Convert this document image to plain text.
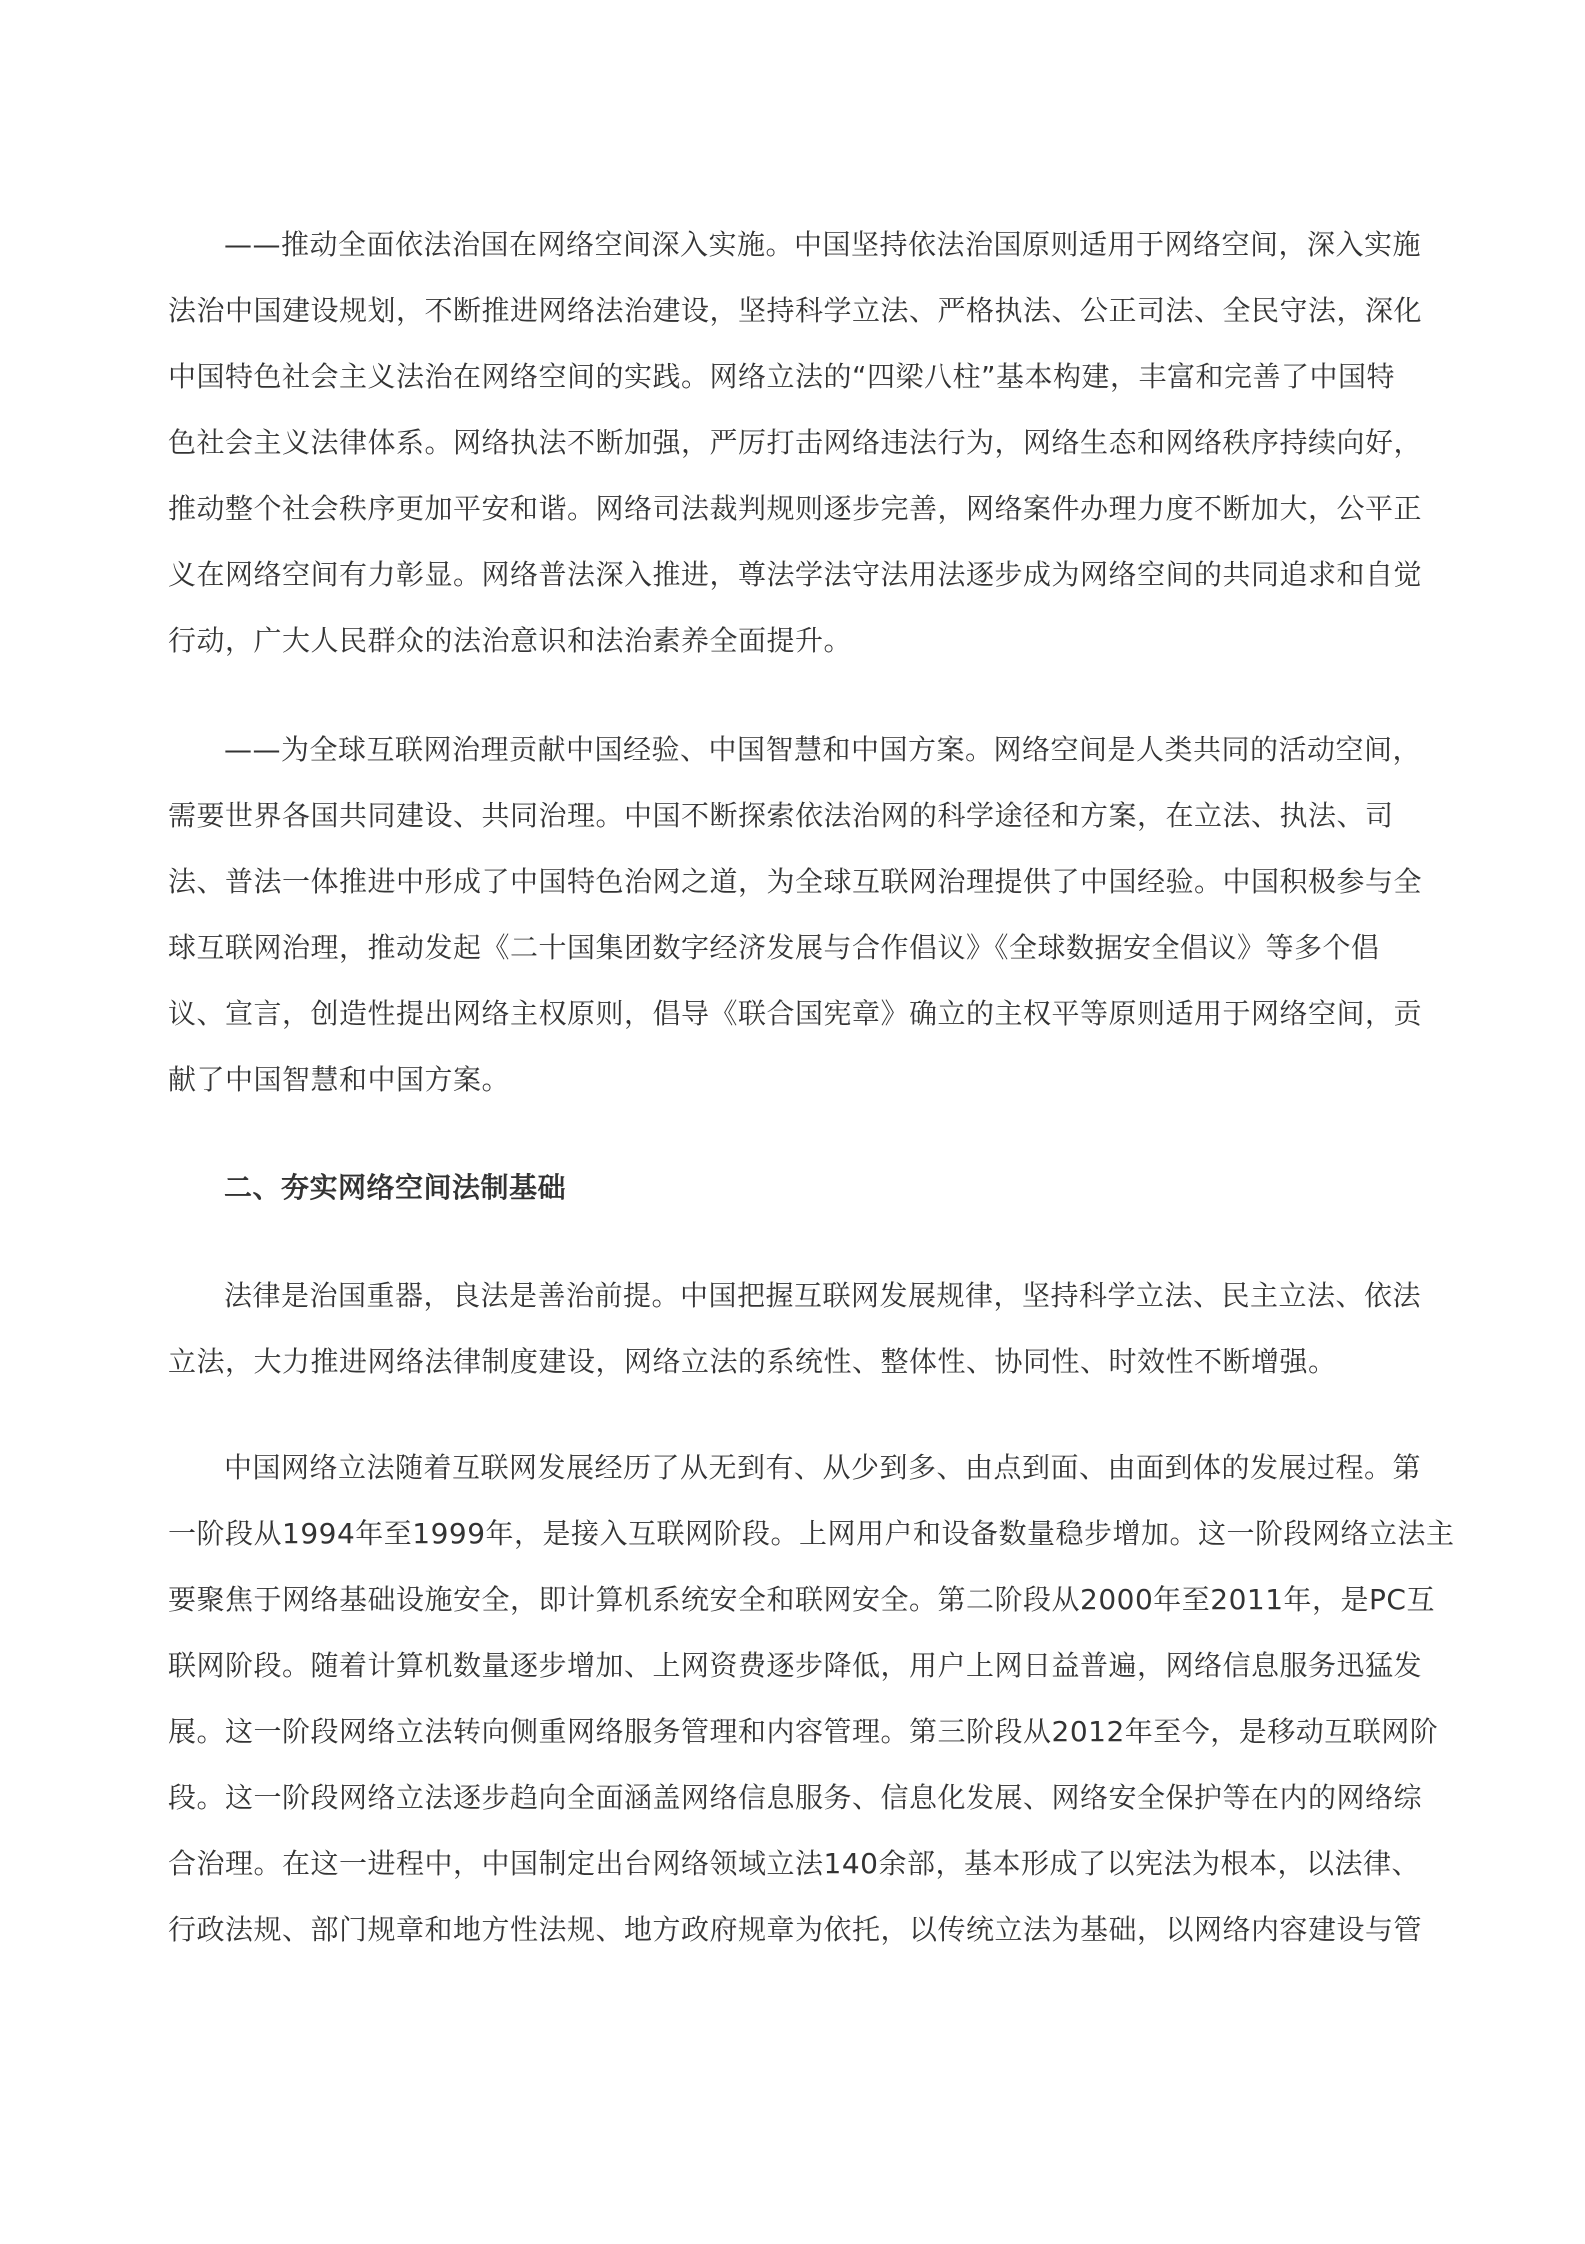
——推动全面依法治国在网络空间深入实施。中国坚持依法治国原则适用于网络空间，深入实施
法治中国建设规划，不断推进网络法治建设，坚持科学立法、严格执法、公正司法、全民守法，深化
中国特色社会主义法治在网络空间的实践。网络立法的“四梁八柱”基本构建，丰富和完善了中国特
色社会主义法律体系。网络执法不断加强，严厉打击网络违法行为，网络生态和网络秩序持续向好，
推动整个社会秩序更加平安和谐。网络司法裁判规则逐步完善，网络案件办理力度不断加大，公平正
义在网络空间有力彰显。网络普法深入推进，尊法学法守法用法逐步成为网络空间的共同追求和自觉
行动，广大人民群众的法治意识和法治素养全面提升。
——为全球互联网治理贡献中国经验、中国智慧和中国方案。网络空间是人类共同的活动空间，
需要世界各国共同建设、共同治理。中国不断探索依法治网的科学途径和方案，在立法、执法、司
法、普法一体推进中形成了中国特色治网之道，为全球互联网治理提供了中国经验。中国积极参与全
球互联网治理，推动发起《二十国集团数字经济发展与合作倡议》《全球数据安全倡议》等多个倡
议、宣言，创造性提出网络主权原则，倡导《联合国宪章》确立的主权平等原则适用于网络空间，贡
献了中国智慧和中国方案。
二、夯实网络空间法制基础
法律是治国重器，良法是善治前提。中国把握互联网发展规律，坚持科学立法、民主立法、依法
立法，大力推进网络法律制度建设，网络立法的系统性、整体性、协同性、时效性不断增强。
中国网络立法随着互联网发展经历了从无到有、从少到多、由点到面、由面到体的发展过程。第
一阶段从1994年至1999年，是接入互联网阶段。上网用户和设备数量稳步增加。这一阶段网络立法主
要聚焦于网络基础设施安全，即计算机系统安全和联网安全。第二阶段从2000年至2011年，是PC互
联网阶段。随着计算机数量逐步增加、上网资费逐步降低，用户上网日益普遍，网络信息服务迅猛发
展。这一阶段网络立法转向侧重网络服务管理和内容管理。第三阶段从2012年至今，是移动互联网阶
段。这一阶段网络立法逐步趋向全面涵盖网络信息服务、信息化发展、网络安全保护等在内的网络综
合治理。在这一进程中，中国制定出台网络领域立法140余部，基本形成了以宪法为根本，以法律、
行政法规、部门规章和地方性法规、地方政府规章为依托，以传统立法为基础，以网络内容建设与管
